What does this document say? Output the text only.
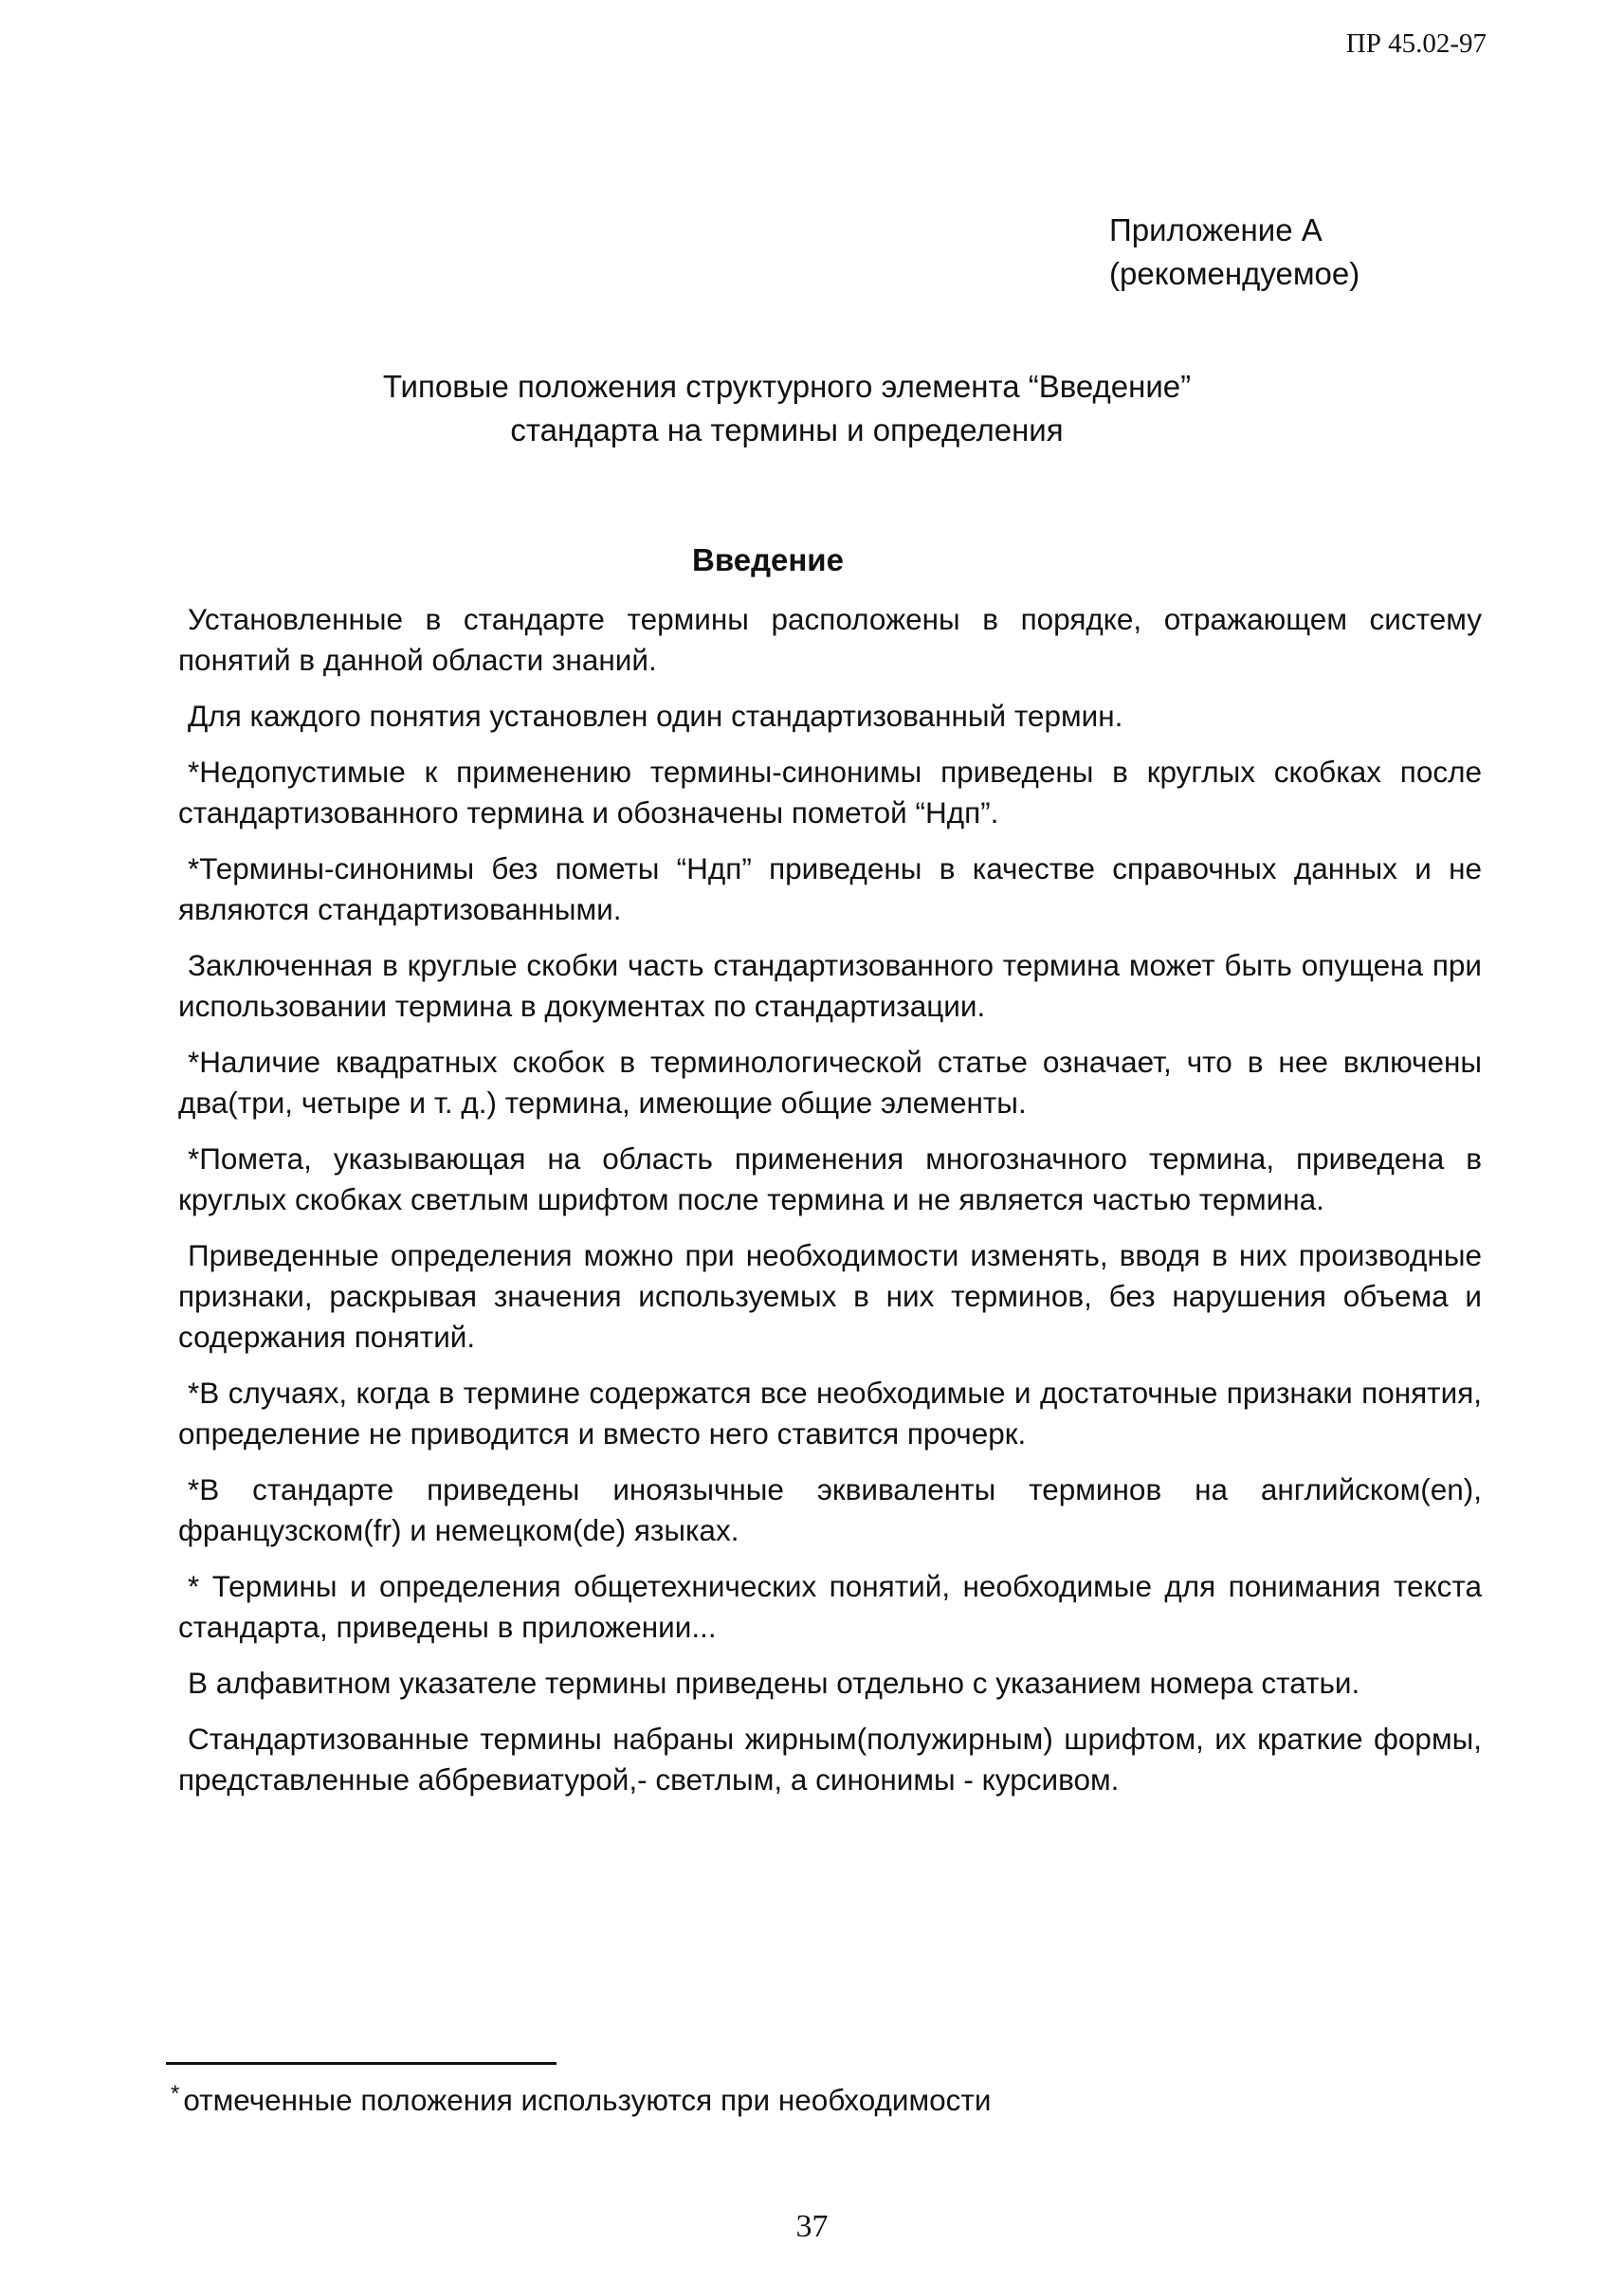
ПР 45.02-97
Приложение А
(рекомендуемое)
Типовые положения структурного элемента “Введение”
стандарта на термины и определения
Введение

Установленные в стандарте термины расположены в порядке, отражающем систему понятий в данной области знаний.

Для каждого понятия установлен один стандартизованный термин.

*Недопустимые к применению термины-синонимы приведены в круглых скобках после стандартизованного термина и обозначены пометой “Ндп”.

*Термины-синонимы без пометы “Ндп” приведены в качестве справочных данных и не являются стандартизованными.

Заключенная в круглые скобки часть стандартизованного термина может быть опущена при использовании термина в документах по стандартизации.

*Наличие квадратных скобок в терминологической статье означает, что в нее включены два(три, четыре и т. д.) термина, имеющие общие элементы.

*Помета, указывающая на область применения многозначного термина, приведена в круглых скобках светлым шрифтом после термина и не является частью термина.

Приведенные определения можно при необходимости изменять, вводя в них производные признаки, раскрывая значения используемых в них терминов, без нарушения объема и содержания понятий.

*В случаях, когда в термине содержатся все необходимые и достаточные признаки понятия, определение не приводится и вместо него ставится прочерк.

*В стандарте приведены иноязычные эквиваленты терминов на английском(en), французском(fr) и немецком(de) языках.

* Термины и определения общетехнических понятий, необходимые для понимания текста стандарта, приведены в приложении...

В алфавитном указателе термины приведены отдельно с указанием номера статьи.

Стандартизованные термины набраны жирным(полужирным) шрифтом, их краткие формы, представленные аббревиатурой,- светлым, а синонимы - курсивом.

* отмеченные положения используются при необходимости
37
